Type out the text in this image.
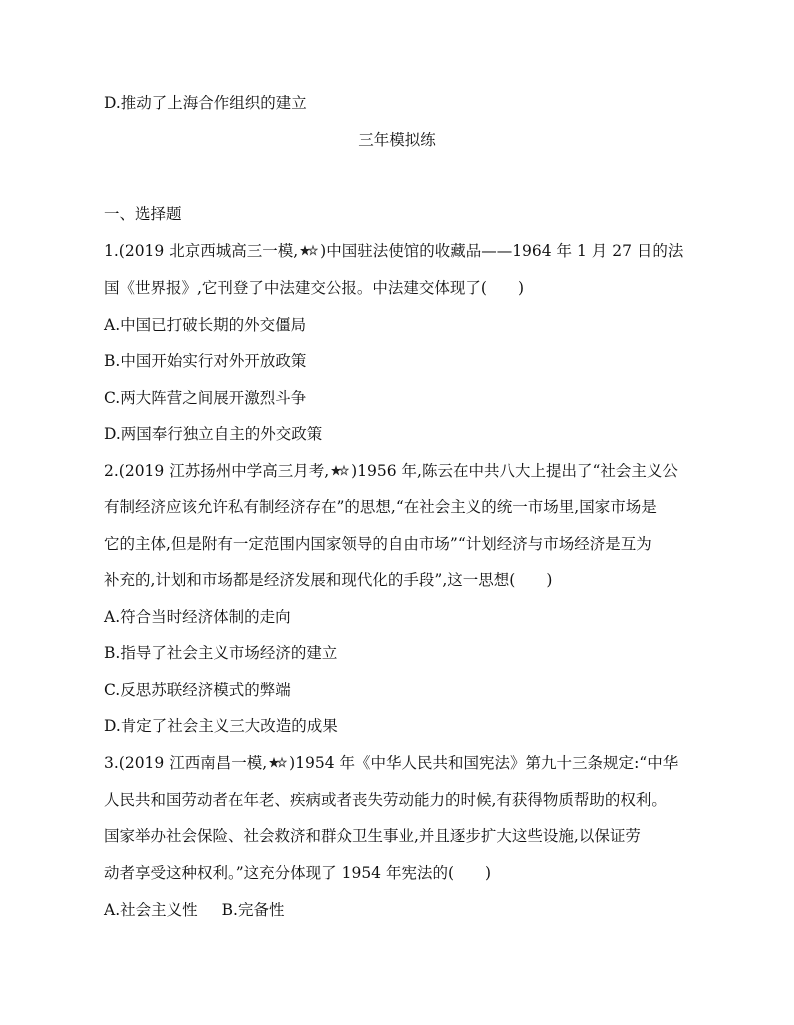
D.推动了上海合作组织的建立
三年模拟练
一、选择题
1.(2019 北京西城高三一模, )中国驻法使馆的收藏品——1964 年 1 月 27 日的法
国《世界报》,它刊登了中法建交公报。中法建交体现了(　　)
A.中国已打破长期的外交僵局
B.中国开始实行对外开放政策
C.两大阵营之间展开激烈斗争
D.两国奉行独立自主的外交政策
2.(2019 江苏扬州中学高三月考, )1956 年,陈云在中共八大上提出了“社会主义公
有制经济应该允许私有制经济存在”的思想,“在社会主义的统一市场里,国家市场是
它的主体,但是附有一定范围内国家领导的自由市场”“计划经济与市场经济是互为
补充的,计划和市场都是经济发展和现代化的手段”,这一思想(　　)
A.符合当时经济体制的走向
B.指导了社会主义市场经济的建立
C.反思苏联经济模式的弊端
D.肯定了社会主义三大改造的成果
3.(2019 江西南昌一模, )1954 年《中华人民共和国宪法》第九十三条规定:“中华
人民共和国劳动者在年老、疾病或者丧失劳动能力的时候,有获得物质帮助的权利。
国家举办社会保险、社会救济和群众卫生事业,并且逐步扩大这些设施,以保证劳
动者享受这种权利。”这充分体现了 1954 年宪法的(　　)
A.社会主义性 B.完备性
